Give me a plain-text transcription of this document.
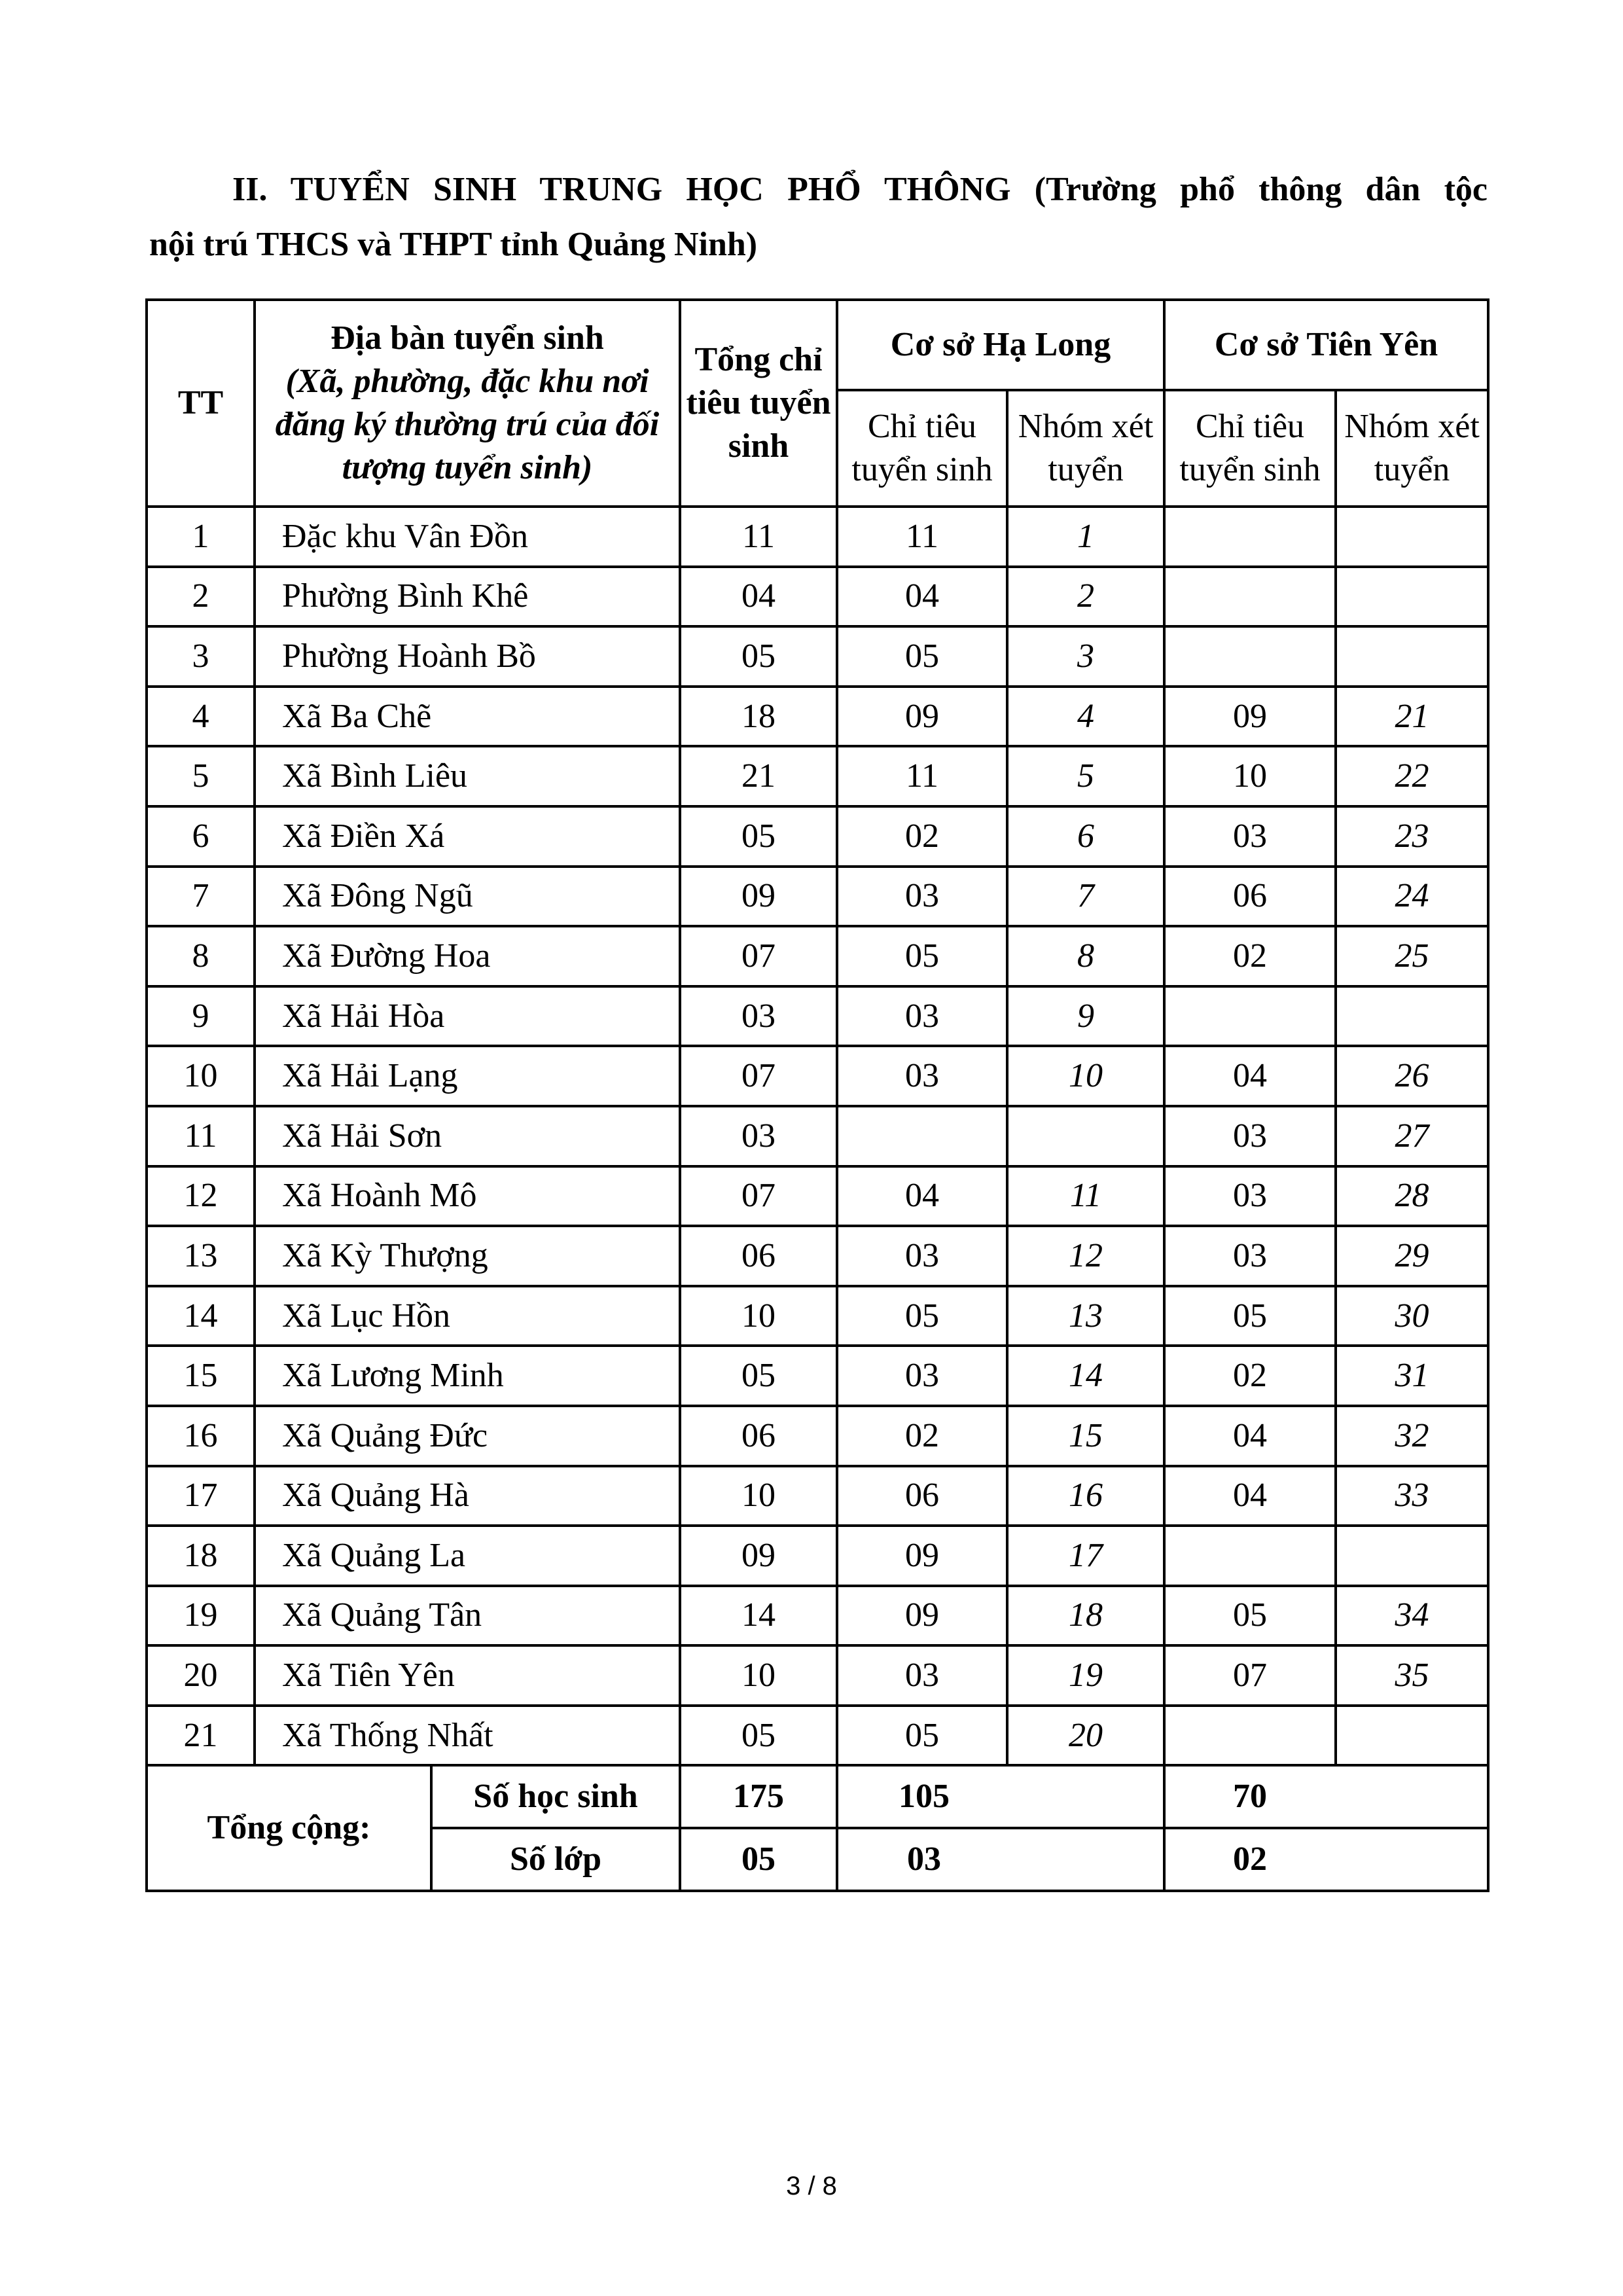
II. TUYỂN SINH TRUNG HỌC PHỔ THÔNG (Trường phổ thông dân tộc
nội trú THCS và THPT tỉnh Quảng Ninh)
TT	Địa bàn tuyển sinh
(Xã, phường, đặc khu nơi đăng ký thường trú của đối tượng tuyển sinh)		Tổng chỉ tiêu tuyển sinh	Cơ sở Hạ Long		Cơ sở Tiên Yên	
				Chỉ tiêu tuyển sinh	Nhóm xét tuyển	Chỉ tiêu tuyển sinh	Nhóm xét tuyển
1	Đặc khu Vân Đồn		11	11	1		
2	Phường Bình Khê		04	04	2		
3	Phường Hoành Bồ		05	05	3		
4	Xã Ba Chẽ		18	09	4	09	21
5	Xã Bình Liêu		21	11	5	10	22
6	Xã Điền Xá		05	02	6	03	23
7	Xã Đông Ngũ		09	03	7	06	24
8	Xã Đường Hoa		07	05	8	02	25
9	Xã Hải Hòa		03	03	9		
10	Xã Hải Lạng		07	03	10	04	26
11	Xã Hải Sơn		03			03	27
12	Xã Hoành Mô		07	04	11	03	28
13	Xã Kỳ Thượng		06	03	12	03	29
14	Xã Lục Hồn		10	05	13	05	30
15	Xã Lương Minh		05	03	14	02	31
16	Xã Quảng Đức		06	02	15	04	32
17	Xã Quảng Hà		10	06	16	04	33
18	Xã Quảng La		09	09	17		
19	Xã Quảng Tân		14	09	18	05	34
20	Xã Tiên Yên		10	03	19	07	35
21	Xã Thống Nhất		05	05	20		
Tổng cộng:		Số học sinh	175	105		70	
		Số lớp	05	03		02	
3 / 8
